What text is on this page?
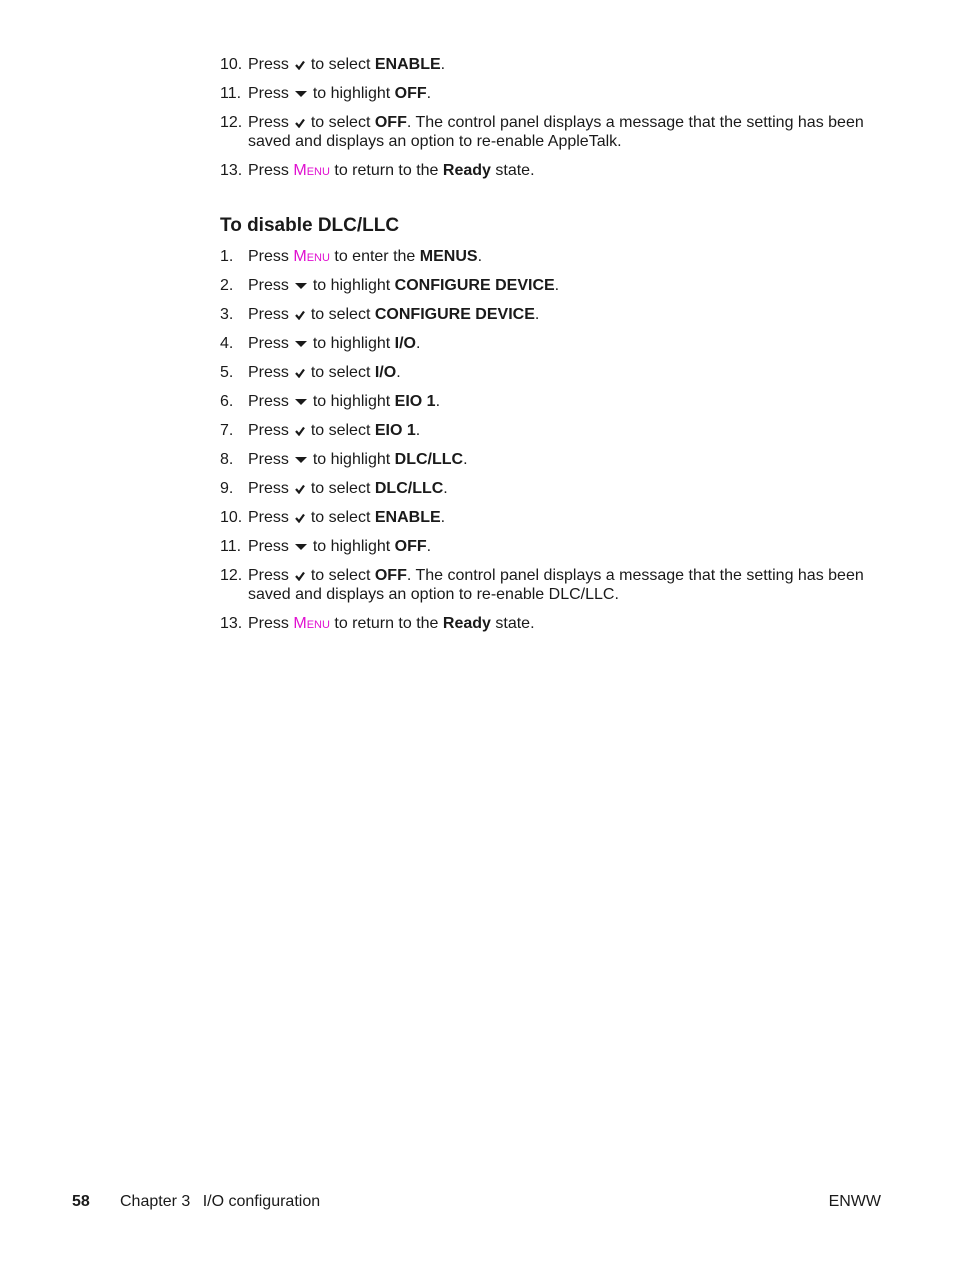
10. Press to select ENABLE.
11. Press to highlight OFF.
12. Press to select OFF. The control panel displays a message that the setting has been saved and displays an option to re-enable AppleTalk.
13. Press Menu to return to the Ready state.
To disable DLC/LLC
1. Press Menu to enter the MENUS.
2. Press to highlight CONFIGURE DEVICE.
3. Press to select CONFIGURE DEVICE.
4. Press to highlight I/O.
5. Press to select I/O.
6. Press to highlight EIO 1.
7. Press to select EIO 1.
8. Press to highlight DLC/LLC.
9. Press to select DLC/LLC.
10. Press to select ENABLE.
11. Press to highlight OFF.
12. Press to select OFF. The control panel displays a message that the setting has been saved and displays an option to re-enable DLC/LLC.
13. Press Menu to return to the Ready state.
58 Chapter 3 I/O configuration	ENWW
